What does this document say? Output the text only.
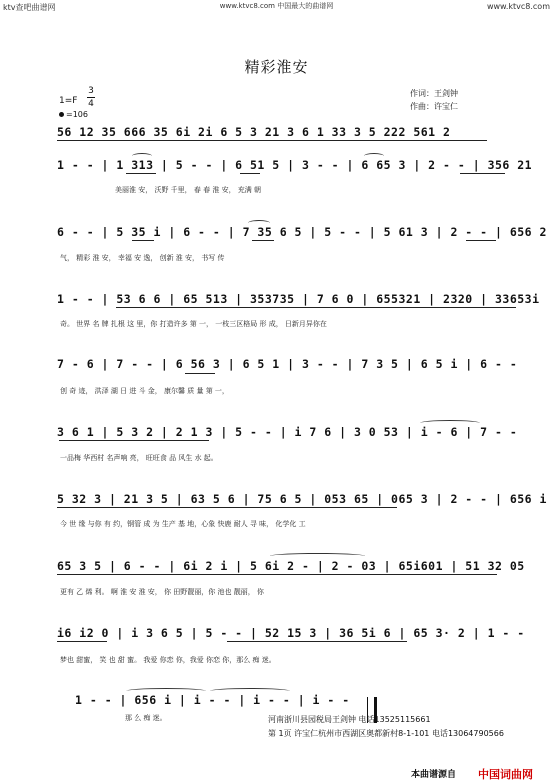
ktv查吧曲谱网	www.ktvc8.com 中国最大的曲谱网	www.ktvc8.com
精彩淮安
作词：王剑钟
作曲：许宝仁
1=F
3
4
=106
56 12 35 666 35 6i 2i 6 5 3 21 3 6 1 33 3 5 222 561 2
1 - - | 1 313 | 5 - - | 6 51 5 | 3 - - | 6 65 3 | 2 - - | 356 21
美丽淮 安， 沃野 千里， 春 春 淮 安， 充满 朝
6 - - | 5 35 i | 6 - - | 7 35 6 5 | 5 - - | 5 61 3 | 2 - - | 656 2
气， 精彩 淮 安， 幸福 安 逸， 创新 淮 安， 书写 传
1 - - | 53 6 6 | 65 513 | 353735 | 7 6 0 | 655321 | 2320 | 33653i
奇。 世界 名 牌 扎根 这 里，你 打造许多 第 一， 一枝三区格局 形 成， 日新月异你在
7 - 6 | 7 - - | 6 56 3 | 6 5 1 | 3 - - | 7 3 5 | 6 5 i | 6 - -
创 奇 迹， 洪泽 湖 日 进 斗 金， 康尔馨 质 量 第 一，
3 6 1 | 5 3 2 | 2 1 3 | 5 - - | i 7 6 | 3 0 53 | i - 6 | 7 - -
一品梅 华西村 名声响 亮， 旺旺食 品 风生 水 起。
5 32 3 | 21 3 5 | 63 5 6 | 75 6 5 | 053 65 | 065 3 | 2 - - | 656 i
今 世 缘 与你 有 约，钢管 成 为 生产 基 地，心象 快鹿 耐人 寻 味， 化学化 工
65 3 5 | 6 - - | 6i 2 i | 5 6i 2 - | 2 - 03 | 65i601 | 51 32 05
更有 乙 烯 利。 啊 淮 安 淮 安， 你 田野靓丽，你 池也 靓丽， 你
i6 i2 0 | i 3 6 5 | 5 - - | 52 15 3 | 36 5i 6 | 65 3· 2 | 1 - -
梦也 甜蜜， 笑 也 甜 蜜。 我爱 你恋 你，我爱 你恋 你，那么 痴 迷。
1 - - | 656 i | i - - | i - - | i - -
那 么 痴 迷。	河南浙川县园税局王剑钟 电话13525115661
第 1页 许宝仁杭州市西湖区奥都新村8-1-101 电话13064790566
本曲谱源自 中国词曲网
